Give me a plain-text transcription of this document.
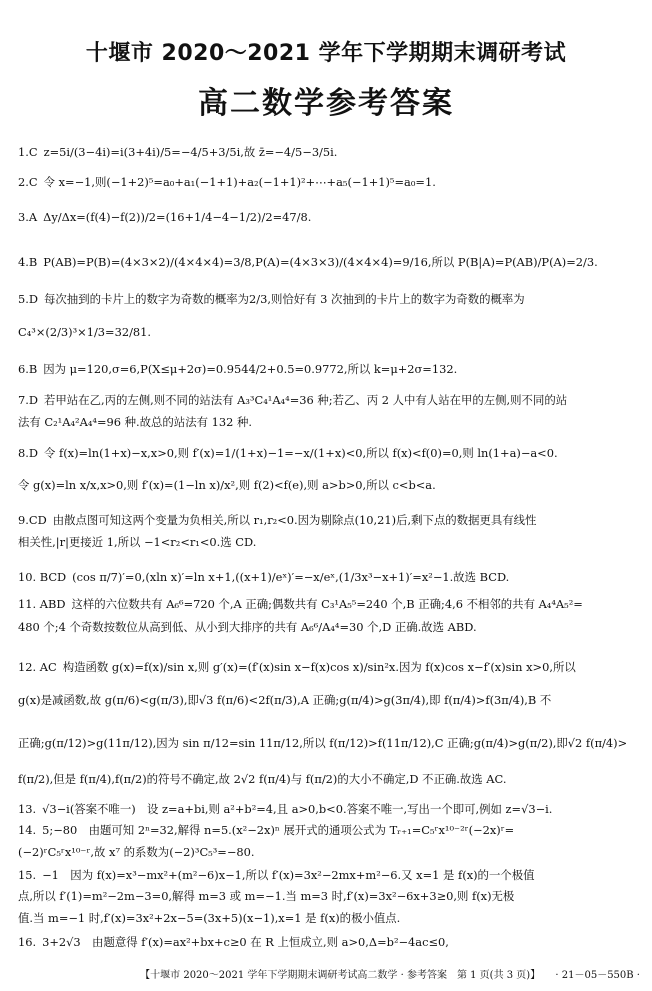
十堰市 2020～2021 学年下学期期末调研考试
高二数学参考答案
1.C z=5i/(3−4i)=i(3+4i)/5=−4/5+3/5i,故 z̄=−4/5−3/5i.
2.C 令 x=−1,则(−1+2)⁵=a₀+a₁(−1+1)+a₂(−1+1)²+⋯+a₅(−1+1)⁵=a₀=1.
3.A Δy/Δx=(f(4)−f(2))/2=(16+1/4−4−1/2)/2=47/8.
4.B P(AB)=P(B)=(4×3×2)/(4×4×4)=3/8,P(A)=(4×3×3)/(4×4×4)=9/16,所以 P(B|A)=P(AB)/P(A)=2/3.
5.D 每次抽到的卡片上的数字为奇数的概率为2/3,则恰好有 3 次抽到的卡片上的数字为奇数的概率为
C₄³×(2/3)³×1/3=32/81.
6.B 因为 μ=120,σ=6,P(X≤μ+2σ)=0.9544/2+0.5=0.9772,所以 k=μ+2σ=132.
7.D 若甲站在乙,丙的左侧,则不同的站法有 A₃³C₄¹A₄⁴=36 种;若乙、丙 2 人中有人站在甲的左侧,则不同的站
法有 C₂¹A₄²A₄⁴=96 种.故总的站法有 132 种.
8.D 令 f(x)=ln(1+x)−x,x>0,则 f′(x)=1/(1+x)−1=−x/(1+x)<0,所以 f(x)<f(0)=0,则 ln(1+a)−a<0.
令 g(x)=ln x/x,x>0,则 f′(x)=(1−ln x)/x²,则 f(2)<f(e),则 a>b>0,所以 c<b<a.
9.CD 由散点图可知这两个变量为负相关,所以 r₁,r₂<0.因为剔除点(10,21)后,剩下点的数据更具有线性
相关性,|r|更接近 1,所以 −1<r₂<r₁<0.选 CD.
10. BCD (cos π/7)′=0,(xln x)′=ln x+1,((x+1)/eˣ)′=−x/eˣ,(1/3x³−x+1)′=x²−1.故选 BCD.
11. ABD 这样的六位数共有 A₆⁶=720 个,A 正确;偶数共有 C₃¹A₅⁵=240 个,B 正确;4,6 不相邻的共有 A₄⁴A₅²=
480 个;4 个奇数按数位从高到低、从小到大排序的共有 A₆⁶/A₄⁴=30 个,D 正确.故选 ABD.
12. AC 构造函数 g(x)=f(x)/sin x,则 g′(x)=(f′(x)sin x−f(x)cos x)/sin²x.因为 f(x)cos x−f′(x)sin x>0,所以
g(x)是减函数,故 g(π/6)<g(π/3),即√3 f(π/6)<2f(π/3),A 正确;g(π/4)>g(3π/4),即 f(π/4)>f(3π/4),B 不
正确;g(π/12)>g(11π/12),因为 sin π/12=sin 11π/12,所以 f(π/12)>f(11π/12),C 正确;g(π/4)>g(π/2),即√2 f(π/4)>
f(π/2),但是 f(π/4),f(π/2)的符号不确定,故 2√2 f(π/4)与 f(π/2)的大小不确定,D 不正确.故选 AC.
13. √3−i(答案不唯一)　设 z=a+bi,则 a²+b²=4,且 a>0,b<0.答案不唯一,写出一个即可,例如 z=√3−i.
14. 5;−80　由题可知 2ⁿ=32,解得 n=5.(x²−2x)ⁿ 展开式的通项公式为 Tᵣ₊₁=C₅ʳx¹⁰⁻²ʳ(−2x)ʳ=
(−2)ʳC₅ʳx¹⁰⁻ʳ,故 x⁷ 的系数为(−2)³C₅³=−80.
15. −1　因为 f(x)=x³−mx²+(m²−6)x−1,所以 f′(x)=3x²−2mx+m²−6.又 x=1 是 f(x)的一个极值
点,所以 f′(1)=m²−2m−3=0,解得 m=3 或 m=−1.当 m=3 时,f′(x)=3x²−6x+3≥0,则 f(x)无极
值.当 m=−1 时,f′(x)=3x²+2x−5=(3x+5)(x−1),x=1 是 f(x)的极小值点.
16. 3+2√3　由题意得 f′(x)=ax²+bx+c≥0 在 R 上恒成立,则 a>0,Δ=b²−4ac≤0,
【十堰市 2020～2021 学年下学期期末调研考试高二数学 · 参考答案　第 1 页(共 3 页)】 · 21－05－550B ·
